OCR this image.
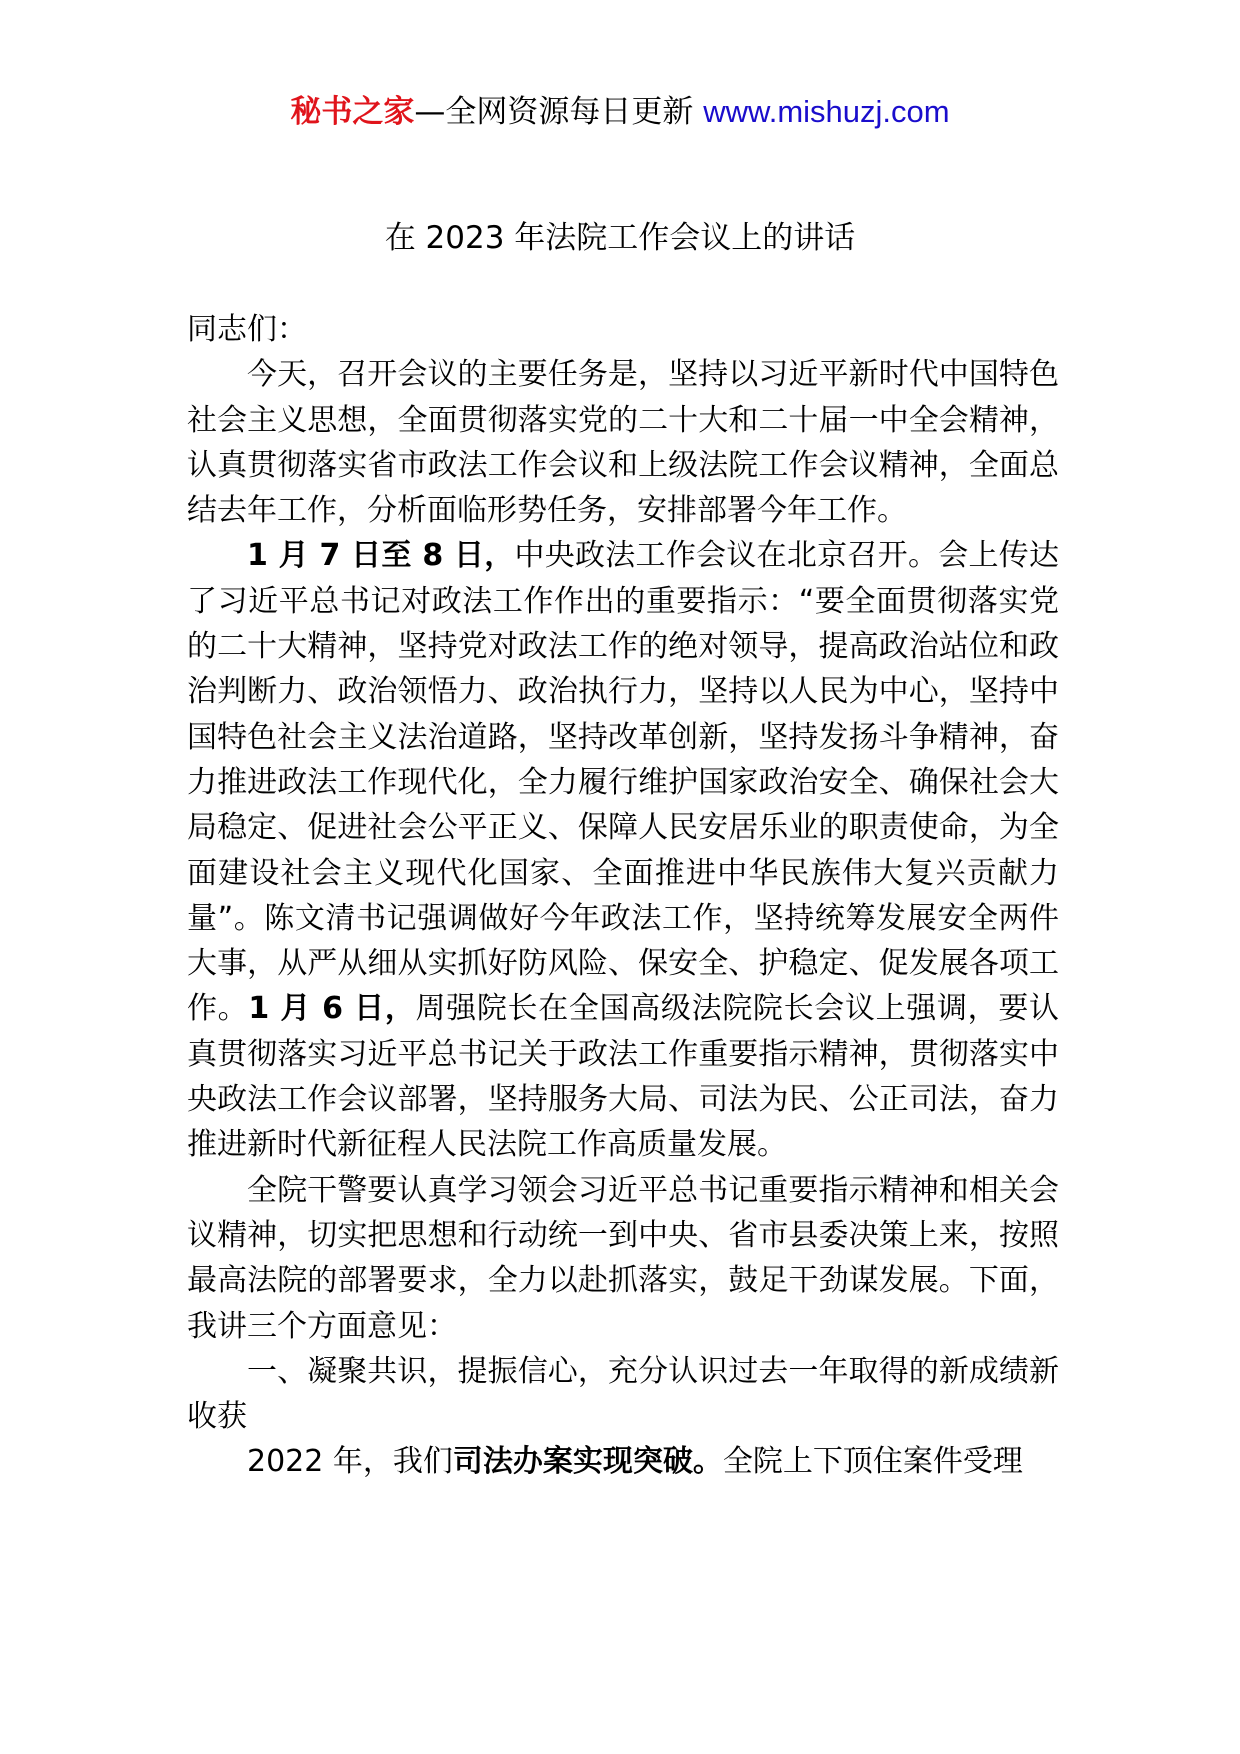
秘书之家—全网资源每日更新 www.mishuzj.com
在 2023 年法院工作会议上的讲话

同志们：

今天，召开会议的主要任务是，坚持以习近平新时代中国特色社会主义思想，全面贯彻落实党的二十大和二十届一中全会精神，认真贯彻落实省市政法工作会议和上级法院工作会议精神，全面总结去年工作，分析面临形势任务，安排部署今年工作。

1 月 7 日至 8 日，中央政法工作会议在北京召开。会上传达了习近平总书记对政法工作作出的重要指示：“要全面贯彻落实党的二十大精神，坚持党对政法工作的绝对领导，提高政治站位和政治判断力、政治领悟力、政治执行力，坚持以人民为中心，坚持中国特色社会主义法治道路，坚持改革创新，坚持发扬斗争精神，奋力推进政法工作现代化，全力履行维护国家政治安全、确保社会大局稳定、促进社会公平正义、保障人民安居乐业的职责使命，为全面建设社会主义现代化国家、全面推进中华民族伟大复兴贡献力量”。陈文清书记强调做好今年政法工作，坚持统筹发展安全两件大事，从严从细从实抓好防风险、保安全、护稳定、促发展各项工作。1 月 6 日，周强院长在全国高级法院院长会议上强调，要认真贯彻落实习近平总书记关于政法工作重要指示精神，贯彻落实中央政法工作会议部署，坚持服务大局、司法为民、公正司法，奋力推进新时代新征程人民法院工作高质量发展。

全院干警要认真学习领会习近平总书记重要指示精神和相关会议精神，切实把思想和行动统一到中央、省市县委决策上来，按照最高法院的部署要求，全力以赴抓落实，鼓足干劲谋发展。下面，我讲三个方面意见：

一、凝聚共识，提振信心，充分认识过去一年取得的新成绩新收获

2022 年，我们司法办案实现突破。全院上下顶住案件受理
